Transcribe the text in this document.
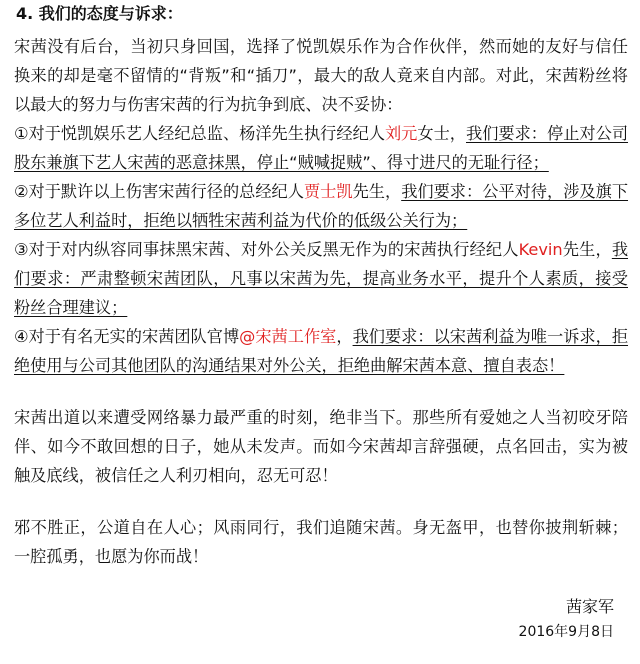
4. 我们的态度与诉求：

宋茜没有后台，当初只身回国，选择了悦凯娱乐作为合作伙伴，然而她的友好与信任换来的却是毫不留情的“背叛”和“插刀”，最大的敌人竟来自内部。对此，宋茜粉丝将以最大的努力与伤害宋茜的行为抗争到底、决不妥协：

①对于悦凯娱乐艺人经纪总监、杨洋先生执行经纪人刘元女士，我们要求：停止对公司股东兼旗下艺人宋茜的恶意抹黑，停止“贼喊捉贼”、得寸进尺的无耻行径；

②对于默许以上伤害宋茜行径的总经纪人贾士凯先生，我们要求：公平对待，涉及旗下多位艺人利益时，拒绝以牺牲宋茜利益为代价的低级公关行为；

③对于对内纵容同事抹黑宋茜、对外公关反黑无作为的宋茜执行经纪人Kevin先生，我们要求：严肃整顿宋茜团队，凡事以宋茜为先，提高业务水平，提升个人素质，接受粉丝合理建议；

④对于有名无实的宋茜团队官博@宋茜工作室，我们要求：以宋茜利益为唯一诉求，拒绝使用与公司其他团队的沟通结果对外公关，拒绝曲解宋茜本意、擅自表态！

宋茜出道以来遭受网络暴力最严重的时刻，绝非当下。那些所有爱她之人当初咬牙陪伴、如今不敢回想的日子，她从未发声。而如今宋茜却言辞强硬，点名回击，实为被触及底线，被信任之人利刃相向，忍无可忍！

邪不胜正，公道自在人心；风雨同行，我们追随宋茜。身无盔甲，也替你披荆斩棘；一腔孤勇，也愿为你而战！

茜家军
2016年9月8日
